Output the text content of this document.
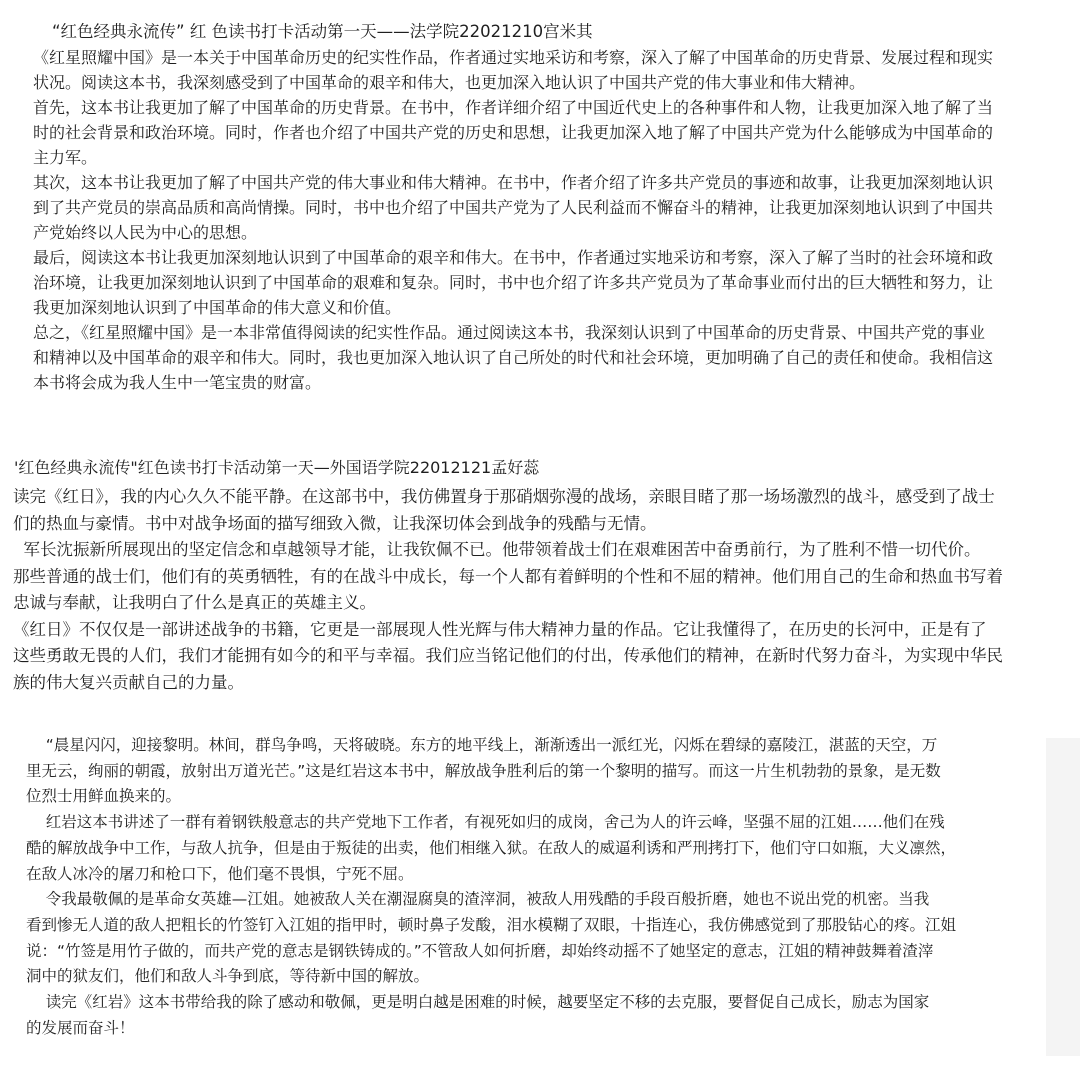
“红色经典永流传” 红 色读书打卡活动第一天——法学院22021210宫米其
《红星照耀中国》是一本关于中国革命历史的纪实性作品，作者通过实地采访和考察，深入了解了中国革命的历史背景、发展过程和现实
状况。阅读这本书，我深刻感受到了中国革命的艰辛和伟大，也更加深入地认识了中国共产党的伟大事业和伟大精神。
首先，这本书让我更加了解了中国革命的历史背景。在书中，作者详细介绍了中国近代史上的各种事件和人物，让我更加深入地了解了当
时的社会背景和政治环境。同时，作者也介绍了中国共产党的历史和思想，让我更加深入地了解了中国共产党为什么能够成为中国革命的
主力军。
其次，这本书让我更加了解了中国共产党的伟大事业和伟大精神。在书中，作者介绍了许多共产党员的事迹和故事，让我更加深刻地认识
到了共产党员的崇高品质和高尚情操。同时，书中也介绍了中国共产党为了人民利益而不懈奋斗的精神，让我更加深刻地认识到了中国共
产党始终以人民为中心的思想。
最后，阅读这本书让我更加深刻地认识到了中国革命的艰辛和伟大。在书中，作者通过实地采访和考察，深入了解了当时的社会环境和政
治环境，让我更加深刻地认识到了中国革命的艰难和复杂。同时，书中也介绍了许多共产党员为了革命事业而付出的巨大牺牲和努力，让
我更加深刻地认识到了中国革命的伟大意义和价值。
总之，《红星照耀中国》是一本非常值得阅读的纪实性作品。通过阅读这本书，我深刻认识到了中国革命的历史背景、中国共产党的事业
和精神以及中国革命的艰辛和伟大。同时，我也更加深入地认识了自己所处的时代和社会环境，更加明确了自己的责任和使命。我相信这
本书将会成为我人生中一笔宝贵的财富。
'红色经典永流传"红色读书打卡活动第一天—外国语学院22012121孟好蕊
读完《红日》，我的内心久久不能平静。在这部书中，我仿佛置身于那硝烟弥漫的战场，亲眼目睹了那一场场激烈的战斗，感受到了战士
们的热血与豪情。书中对战争场面的描写细致入微，让我深切体会到战争的残酷与无情。
军长沈振新所展现出的坚定信念和卓越领导才能，让我钦佩不已。他带领着战士们在艰难困苦中奋勇前行，为了胜利不惜一切代价。
那些普通的战士们，他们有的英勇牺牲，有的在战斗中成长，每一个人都有着鲜明的个性和不屈的精神。他们用自己的生命和热血书写着
忠诚与奉献，让我明白了什么是真正的英雄主义。
《红日》不仅仅是一部讲述战争的书籍，它更是一部展现人性光辉与伟大精神力量的作品。它让我懂得了，在历史的长河中，正是有了
这些勇敢无畏的人们，我们才能拥有如今的和平与幸福。我们应当铭记他们的付出，传承他们的精神，在新时代努力奋斗，为实现中华民
族的伟大复兴贡献自己的力量。
“晨星闪闪，迎接黎明。林间，群鸟争鸣，天将破晓。东方的地平线上，渐渐透出一派红光，闪烁在碧绿的嘉陵江，湛蓝的天空，万
里无云，绚丽的朝霞，放射出万道光芒。”这是红岩这本书中，解放战争胜利后的第一个黎明的描写。而这一片生机勃勃的景象，是无数
位烈士用鲜血换来的。
红岩这本书讲述了一群有着钢铁般意志的共产党地下工作者，有视死如归的成岗，舍己为人的许云峰，坚强不屈的江姐……他们在残
酷的解放战争中工作，与敌人抗争，但是由于叛徒的出卖，他们相继入狱。在敌人的威逼利诱和严刑拷打下，他们守口如瓶，大义凛然，
在敌人冰冷的屠刀和枪口下，他们毫不畏惧，宁死不屈。
令我最敬佩的是革命女英雄—江姐。她被敌人关在潮湿腐臭的渣滓洞，被敌人用残酷的手段百般折磨，她也不说出党的机密。当我
看到惨无人道的敌人把粗长的竹签钉入江姐的指甲时，顿时鼻子发酸，泪水模糊了双眼，十指连心，我仿佛感觉到了那股钻心的疼。江姐
说：“竹签是用竹子做的，而共产党的意志是钢铁铸成的。”不管敌人如何折磨，却始终动摇不了她坚定的意志，江姐的精神鼓舞着渣滓
洞中的狱友们，他们和敌人斗争到底，等待新中国的解放。
读完《红岩》这本书带给我的除了感动和敬佩，更是明白越是困难的时候，越要坚定不移的去克服，要督促自己成长，励志为国家
的发展而奋斗！
